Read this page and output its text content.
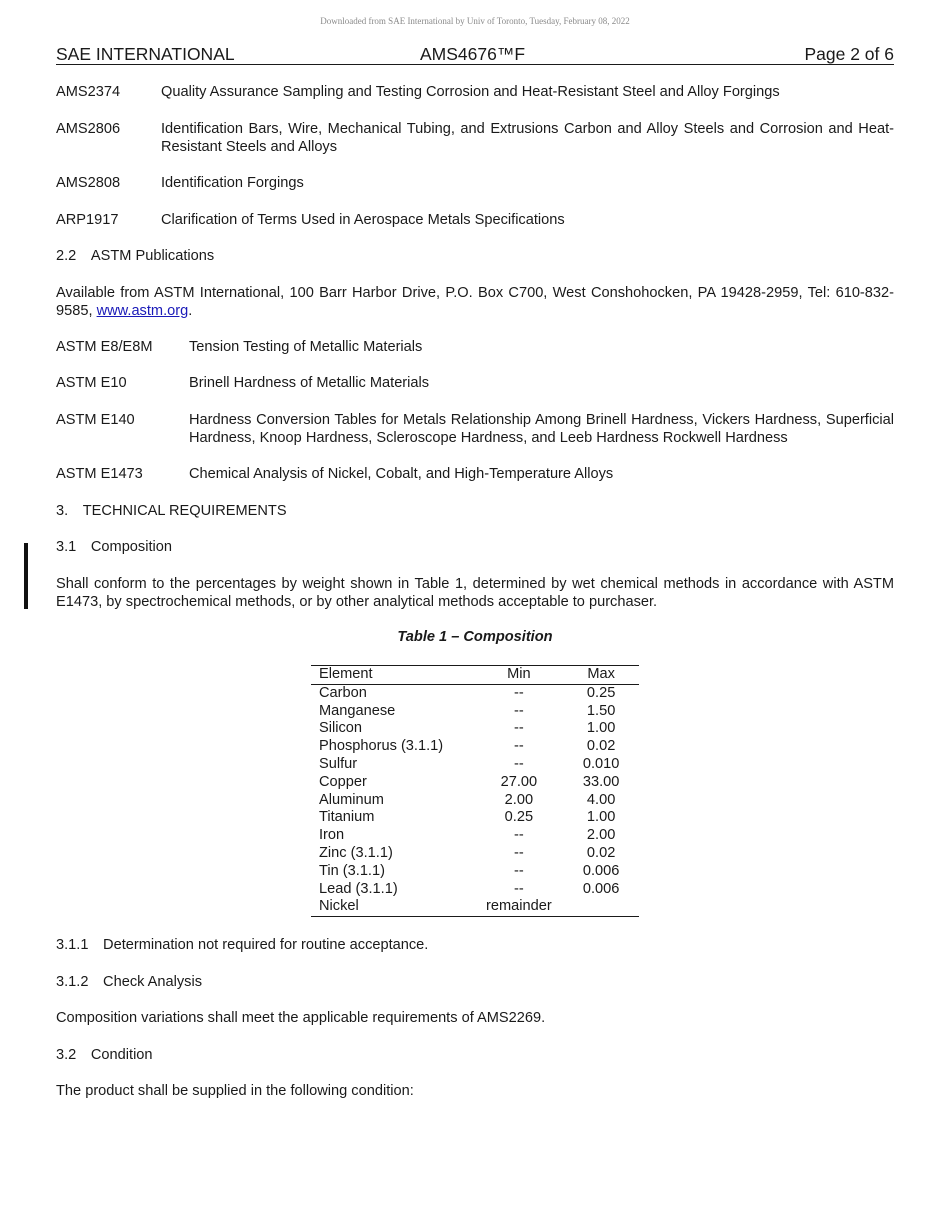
Downloaded from SAE International by Univ of Toronto, Tuesday, February 08, 2022
SAE INTERNATIONAL	AMS4676™F	Page 2 of 6
AMS2374	Quality Assurance Sampling and Testing Corrosion and Heat-Resistant Steel and Alloy Forgings
AMS2806	Identification Bars, Wire, Mechanical Tubing, and Extrusions Carbon and Alloy Steels and Corrosion and Heat-Resistant Steels and Alloys
AMS2808	Identification Forgings
ARP1917	Clarification of Terms Used in Aerospace Metals Specifications
2.2 ASTM Publications
Available from ASTM International, 100 Barr Harbor Drive, P.O. Box C700, West Conshohocken, PA 19428-2959, Tel: 610-832-9585, www.astm.org.
ASTM E8/E8M Tension Testing of Metallic Materials
ASTM E10	Brinell Hardness of Metallic Materials
ASTM E140	Hardness Conversion Tables for Metals Relationship Among Brinell Hardness, Vickers Hardness, Superficial Hardness, Knoop Hardness, Scleroscope Hardness, and Leeb Hardness Rockwell Hardness
ASTM E1473	Chemical Analysis of Nickel, Cobalt, and High-Temperature Alloys
3. TECHNICAL REQUIREMENTS
3.1 Composition
Shall conform to the percentages by weight shown in Table 1, determined by wet chemical methods in accordance with ASTM E1473, by spectrochemical methods, or by other analytical methods acceptable to purchaser.
Table 1 – Composition
Element	Min	Max
Carbon	--	0.25
Manganese	--	1.50
Silicon	--	1.00
Phosphorus (3.1.1)	--	0.02
Sulfur	--	0.010
Copper	27.00	33.00
Aluminum	2.00	4.00
Titanium	0.25	1.00
Iron	--	2.00
Zinc (3.1.1)	--	0.02
Tin (3.1.1)	--	0.006
Lead (3.1.1)	--	0.006
Nickel	remainder	
3.1.1 Determination not required for routine acceptance.
3.1.2 Check Analysis
Composition variations shall meet the applicable requirements of AMS2269.
3.2 Condition
The product shall be supplied in the following condition:
